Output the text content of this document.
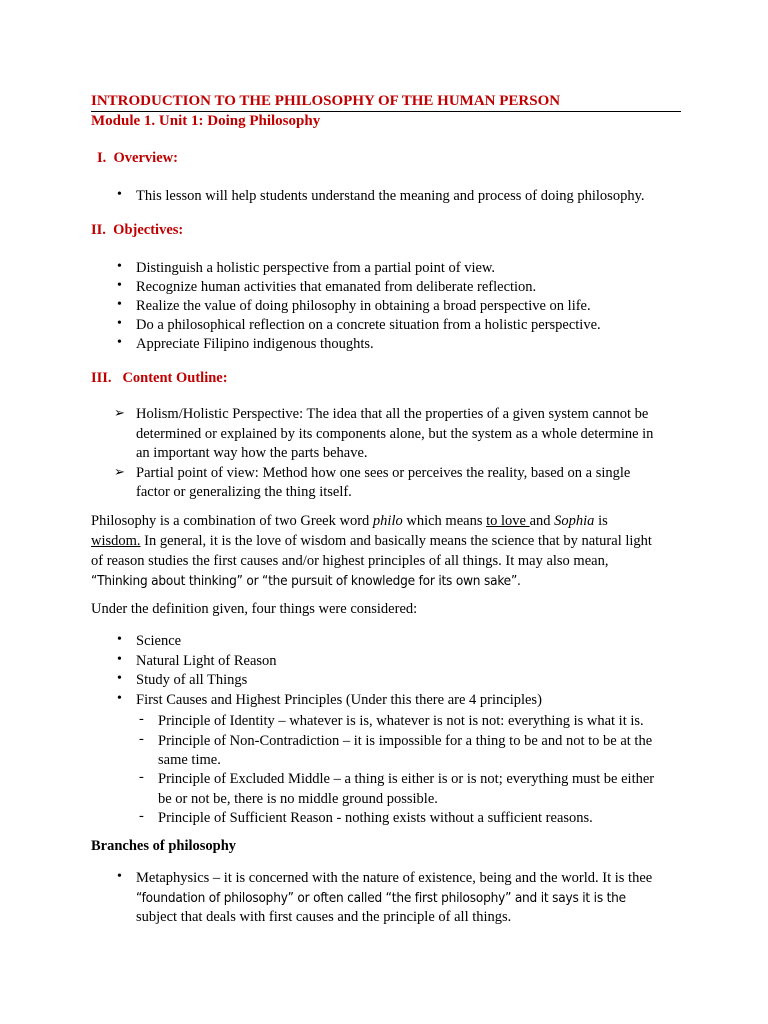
INTRODUCTION TO THE PHILOSOPHY OF THE HUMAN PERSON
Module 1. Unit 1: Doing Philosophy
I. Overview:
• This lesson will help students understand the meaning and process of doing philosophy.
II. Objectives:
• Distinguish a holistic perspective from a partial point of view.
• Recognize human activities that emanated from deliberate reflection.
• Realize the value of doing philosophy in obtaining a broad perspective on life.
• Do a philosophical reflection on a concrete situation from a holistic perspective.
• Appreciate Filipino indigenous thoughts.
III. Content Outline:
➢ Holism/Holistic Perspective: The idea that all the properties of a given system cannot be
determined or explained by its components alone, but the system as a whole determine in
an important way how the parts behave.
➢ Partial point of view: Method how one sees or perceives the reality, based on a single
factor or generalizing the thing itself.
Philosophy is a combination of two Greek word philo which means to love and Sophia is
wisdom. In general, it is the love of wisdom and basically means the science that by natural light
of reason studies the first causes and/or highest principles of all things. It may also mean,
“Thinking about thinking” or “the pursuit of knowledge for its own sake”.
Under the definition given, four things were considered:
• Science
• Natural Light of Reason
• Study of all Things
• First Causes and Highest Principles (Under this there are 4 principles)
- Principle of Identity – whatever is is, whatever is not is not: everything is what it is.
- Principle of Non-Contradiction – it is impossible for a thing to be and not to be at the
same time.
- Principle of Excluded Middle – a thing is either is or is not; everything must be either
be or not be, there is no middle ground possible.
- Principle of Sufficient Reason - nothing exists without a sufficient reasons.
Branches of philosophy
• Metaphysics – it is concerned with the nature of existence, being and the world. It is thee
“foundation of philosophy” or often called “the first philosophy” and it says it is the
subject that deals with first causes and the principle of all things.
